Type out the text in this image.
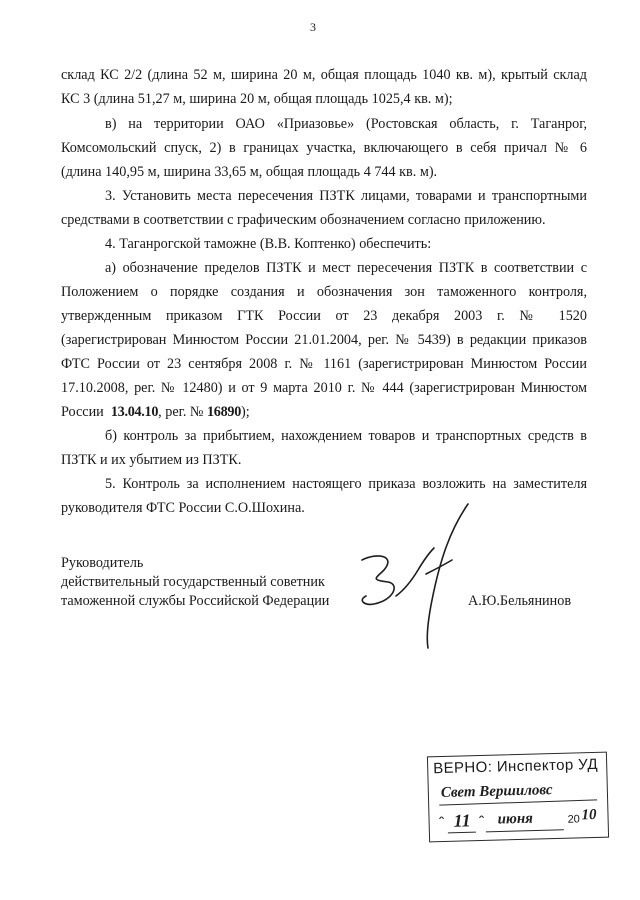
3
склад КС 2/2 (длина 52 м, ширина 20 м, общая площадь 1040 кв. м), крытый склад
КС 3 (длина 51,27 м, ширина 20 м, общая площадь 1025,4 кв. м);
в) на территории ОАО «Приазовье» (Ростовская область, г. Таганрог,
Комсомольский спуск, 2) в границах участка, включающего в себя причал № 6
(длина 140,95 м, ширина 33,65 м, общая площадь 4 744 кв. м).
3. Установить места пересечения ПЗТК лицами, товарами и транспортными
средствами в соответствии с графическим обозначением согласно приложению.
4. Таганрогской таможне (В.В. Коптенко) обеспечить:
а) обозначение пределов ПЗТК и мест пересечения ПЗТК в соответствии с
Положением о порядке создания и обозначения зон таможенного контроля,
утвержденным приказом ГТК России от 23 декабря 2003 г. № 1520
(зарегистрирован Минюстом России 21.01.2004, рег. № 5439) в редакции приказов
ФТС России от 23 сентября 2008 г. № 1161 (зарегистрирован Минюстом России
17.10.2008, рег. № 12480) и от 9 марта 2010 г. № 444 (зарегистрирован Минюстом
России 13.04.10, рег. № 16890);
б) контроль за прибытием, нахождением товаров и транспортных средств в
ПЗТК и их убытием из ПЗТК.
5. Контроль за исполнением настоящего приказа возложить на заместителя
руководителя ФТС России С.О.Шохина.
Руководитель
действительный государственный советник
таможенной службы Российской Федерации	А.Ю.Бельянинов
ВЕРНО: Инспектор УД
Свет Вершиловс
11 июня	20 10
